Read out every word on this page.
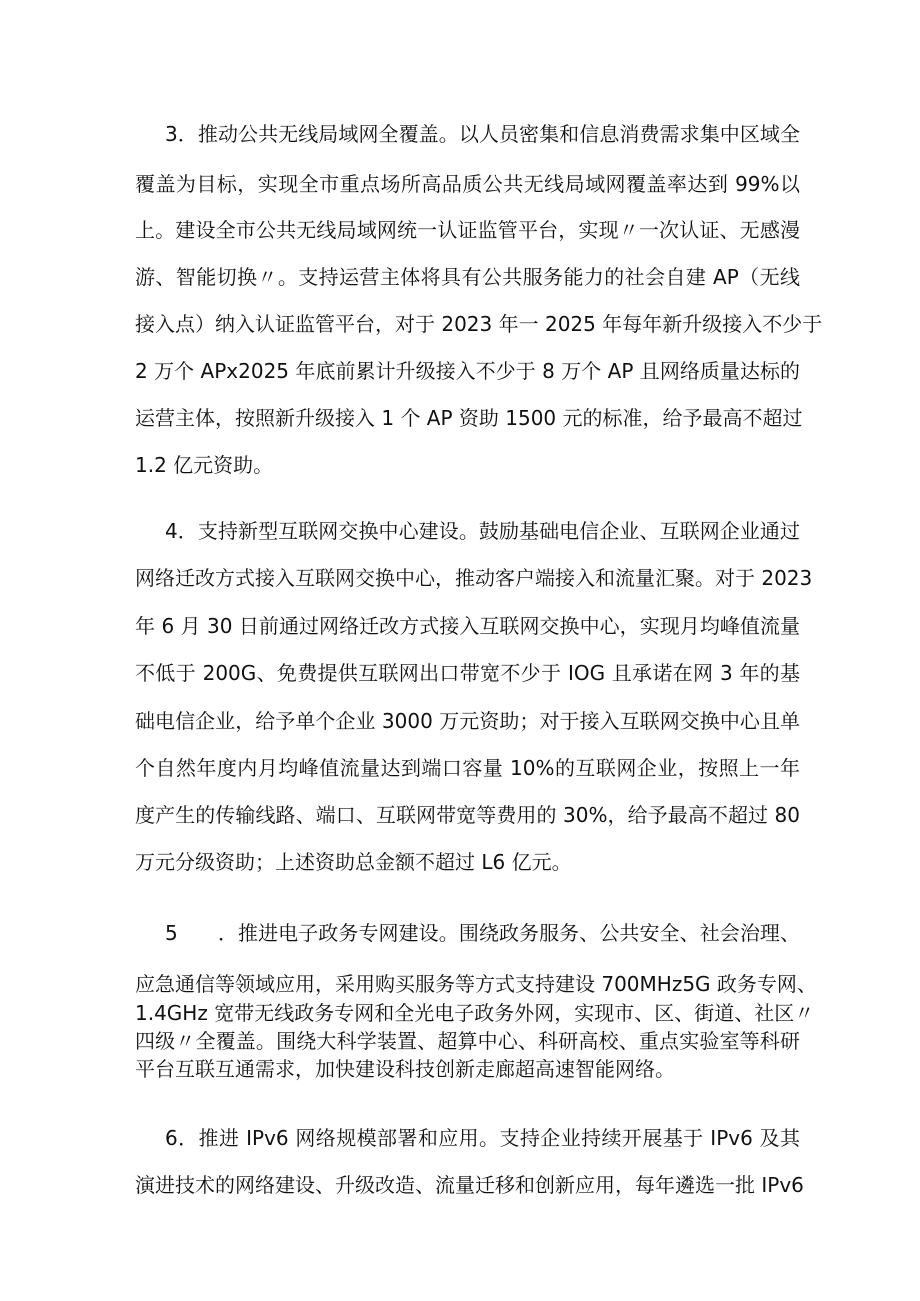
3．推动公共无线局域网全覆盖。以人员密集和信息消费需求集中区域全
覆盖为目标，实现全市重点场所高品质公共无线局域网覆盖率达到 99%以
上。建设全市公共无线局域网统一认证监管平台，实现〃一次认证、无感漫
游、智能切换〃。支持运营主体将具有公共服务能力的社会自建 AP（无线
接入点）纳入认证监管平台，对于 2023 年一 2025 年每年新升级接入不少于
2 万个 APx2025 年底前累计升级接入不少于 8 万个 AP 且网络质量达标的
运营主体，按照新升级接入 1 个 AP 资助 1500 元的标准，给予最高不超过
1.2 亿元资助。
4．支持新型互联网交换中心建设。鼓励基础电信企业、互联网企业通过
网络迁改方式接入互联网交换中心，推动客户端接入和流量汇聚。对于 2023
年 6 月 30 日前通过网络迁改方式接入互联网交换中心，实现月均峰值流量
不低于 200G、免费提供互联网出口带宽不少于 IOG 且承诺在网 3 年的基
础电信企业，给予单个企业 3000 万元资助；对于接入互联网交换中心且单
个自然年度内月均峰值流量达到端口容量 10%的互联网企业，按照上一年
度产生的传输线路、端口、互联网带宽等费用的 30%，给予最高不超过 80
万元分级资助；上述资助总金额不超过 L6 亿元。
5　　．推进电子政务专网建设。围绕政务服务、公共安全、社会治理、
应急通信等领域应用，采用购买服务等方式支持建设 700MHz5G 政务专网、
1.4GHz 宽带无线政务专网和全光电子政务外网，实现市、区、街道、社区〃
四级〃全覆盖。围绕大科学装置、超算中心、科研高校、重点实验室等科研
平台互联互通需求，加快建设科技创新走廊超高速智能网络。
6．推进 IPv6 网络规模部署和应用。支持企业持续开展基于 IPv6 及其
演进技术的网络建设、升级改造、流量迁移和创新应用，每年遴选一批 IPv6
